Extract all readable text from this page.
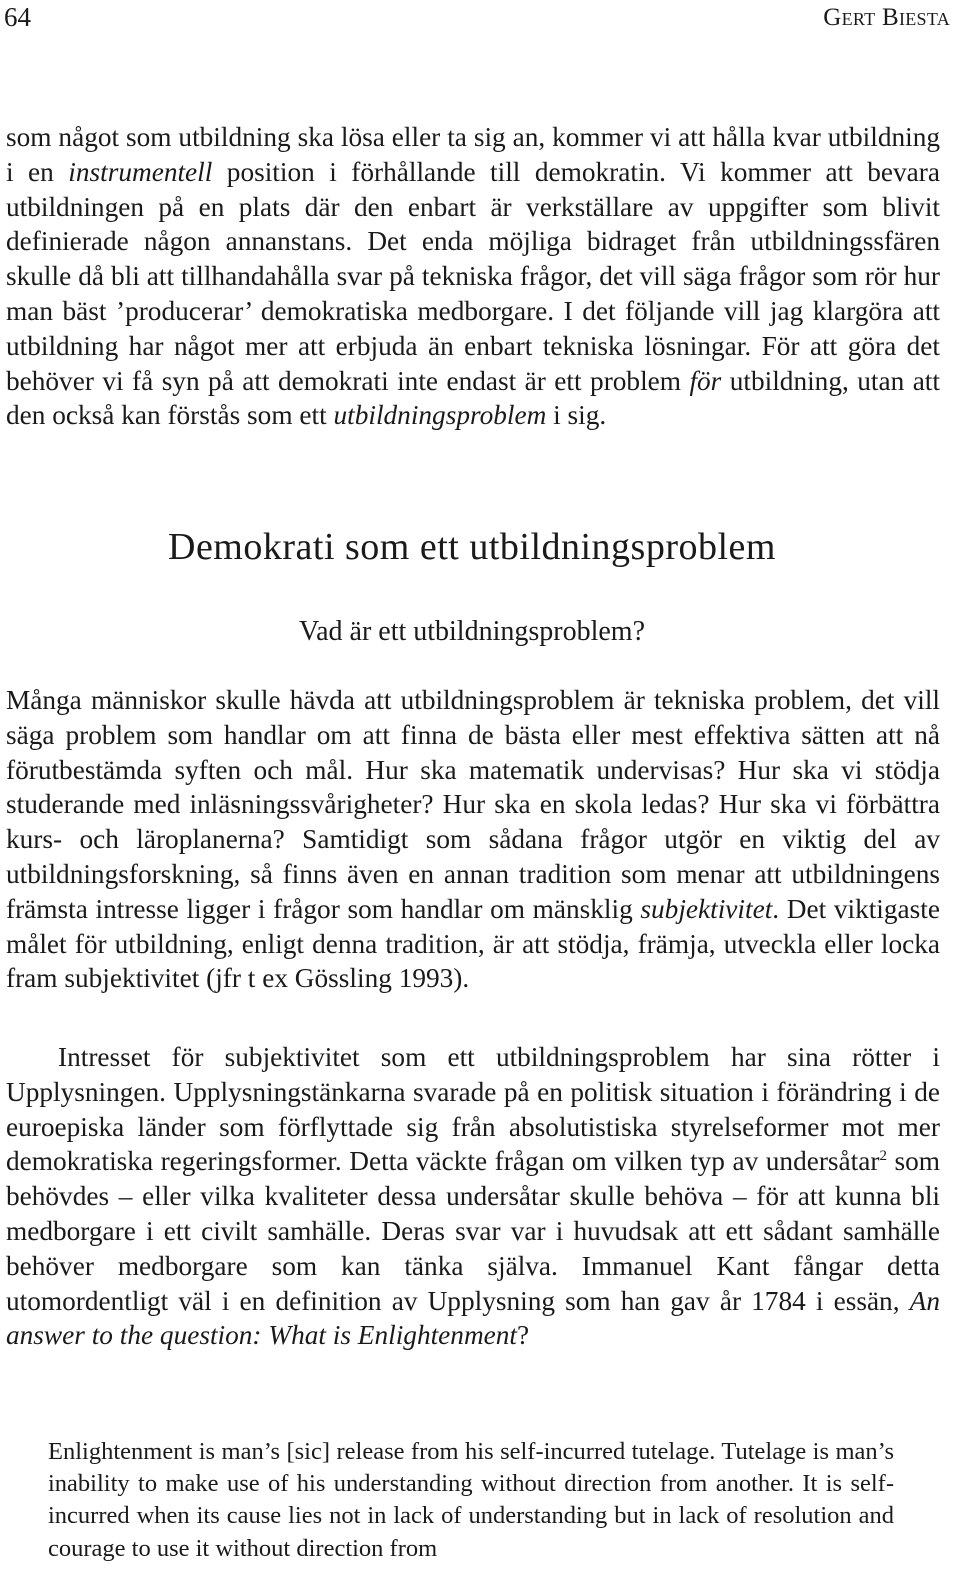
64	Gert Biesta

som något som utbildning ska lösa eller ta sig an, kommer vi att hålla kvar utbildning i en instrumentell position i förhållande till demokratin. Vi kommer att bevara utbildningen på en plats där den enbart är verkställare av uppgifter som blivit definierade någon annanstans. Det enda möjliga bidraget från utbildningssfären skulle då bli att tillhandahålla svar på tekniska frågor, det vill säga frågor som rör hur man bäst ’producerar’ demokratiska medborgare. I det följande vill jag klargöra att utbildning har något mer att erbjuda än enbart tekniska lösningar. För att göra det behöver vi få syn på att demokrati inte endast är ett problem för utbildning, utan att den också kan förstås som ett utbildningsproblem i sig.

Demokrati som ett utbildningsproblem
Vad är ett utbildningsproblem?

Många människor skulle hävda att utbildningsproblem är tekniska problem, det vill säga problem som handlar om att finna de bästa eller mest effektiva sätten att nå förutbestämda syften och mål. Hur ska matematik undervisas? Hur ska vi stödja studerande med inläsningssvårigheter? Hur ska en skola ledas? Hur ska vi förbättra kurs- och läroplanerna? Samtidigt som sådana frågor utgör en viktig del av utbildningsforskning, så finns även en annan tradition som menar att utbildningens främsta intresse ligger i frågor som handlar om mänsklig subjektivitet. Det viktigaste målet för utbildning, enligt denna tradition, är att stödja, främja, utveckla eller locka fram subjektivitet (jfr t ex Gössling 1993).

Intresset för subjektivitet som ett utbildningsproblem har sina rötter i Upplysningen. Upplysningstänkarna svarade på en politisk situation i förändring i de euroepiska länder som förflyttade sig från absolutistiska styrelseformer mot mer demokratiska regeringsformer. Detta väckte frågan om vilken typ av undersåtar$^2$ som behövdes – eller vilka kvaliteter dessa undersåtar skulle behöva – för att kunna bli medborgare i ett civilt samhälle. Deras svar var i huvudsak att ett sådant samhälle behöver medborgare som kan tänka själva. Immanuel Kant fångar detta utomordentligt väl i en definition av Upplysning som han gav år 1784 i essän, An answer to the question: What is Enlightenment?

Enlightenment is man’s [sic] release from his self-incurred tutelage. Tutelage is man’s inability to make use of his understanding without direction from another. It is self-incurred when its cause lies not in lack of understanding but in lack of resolution and courage to use it without direction from
